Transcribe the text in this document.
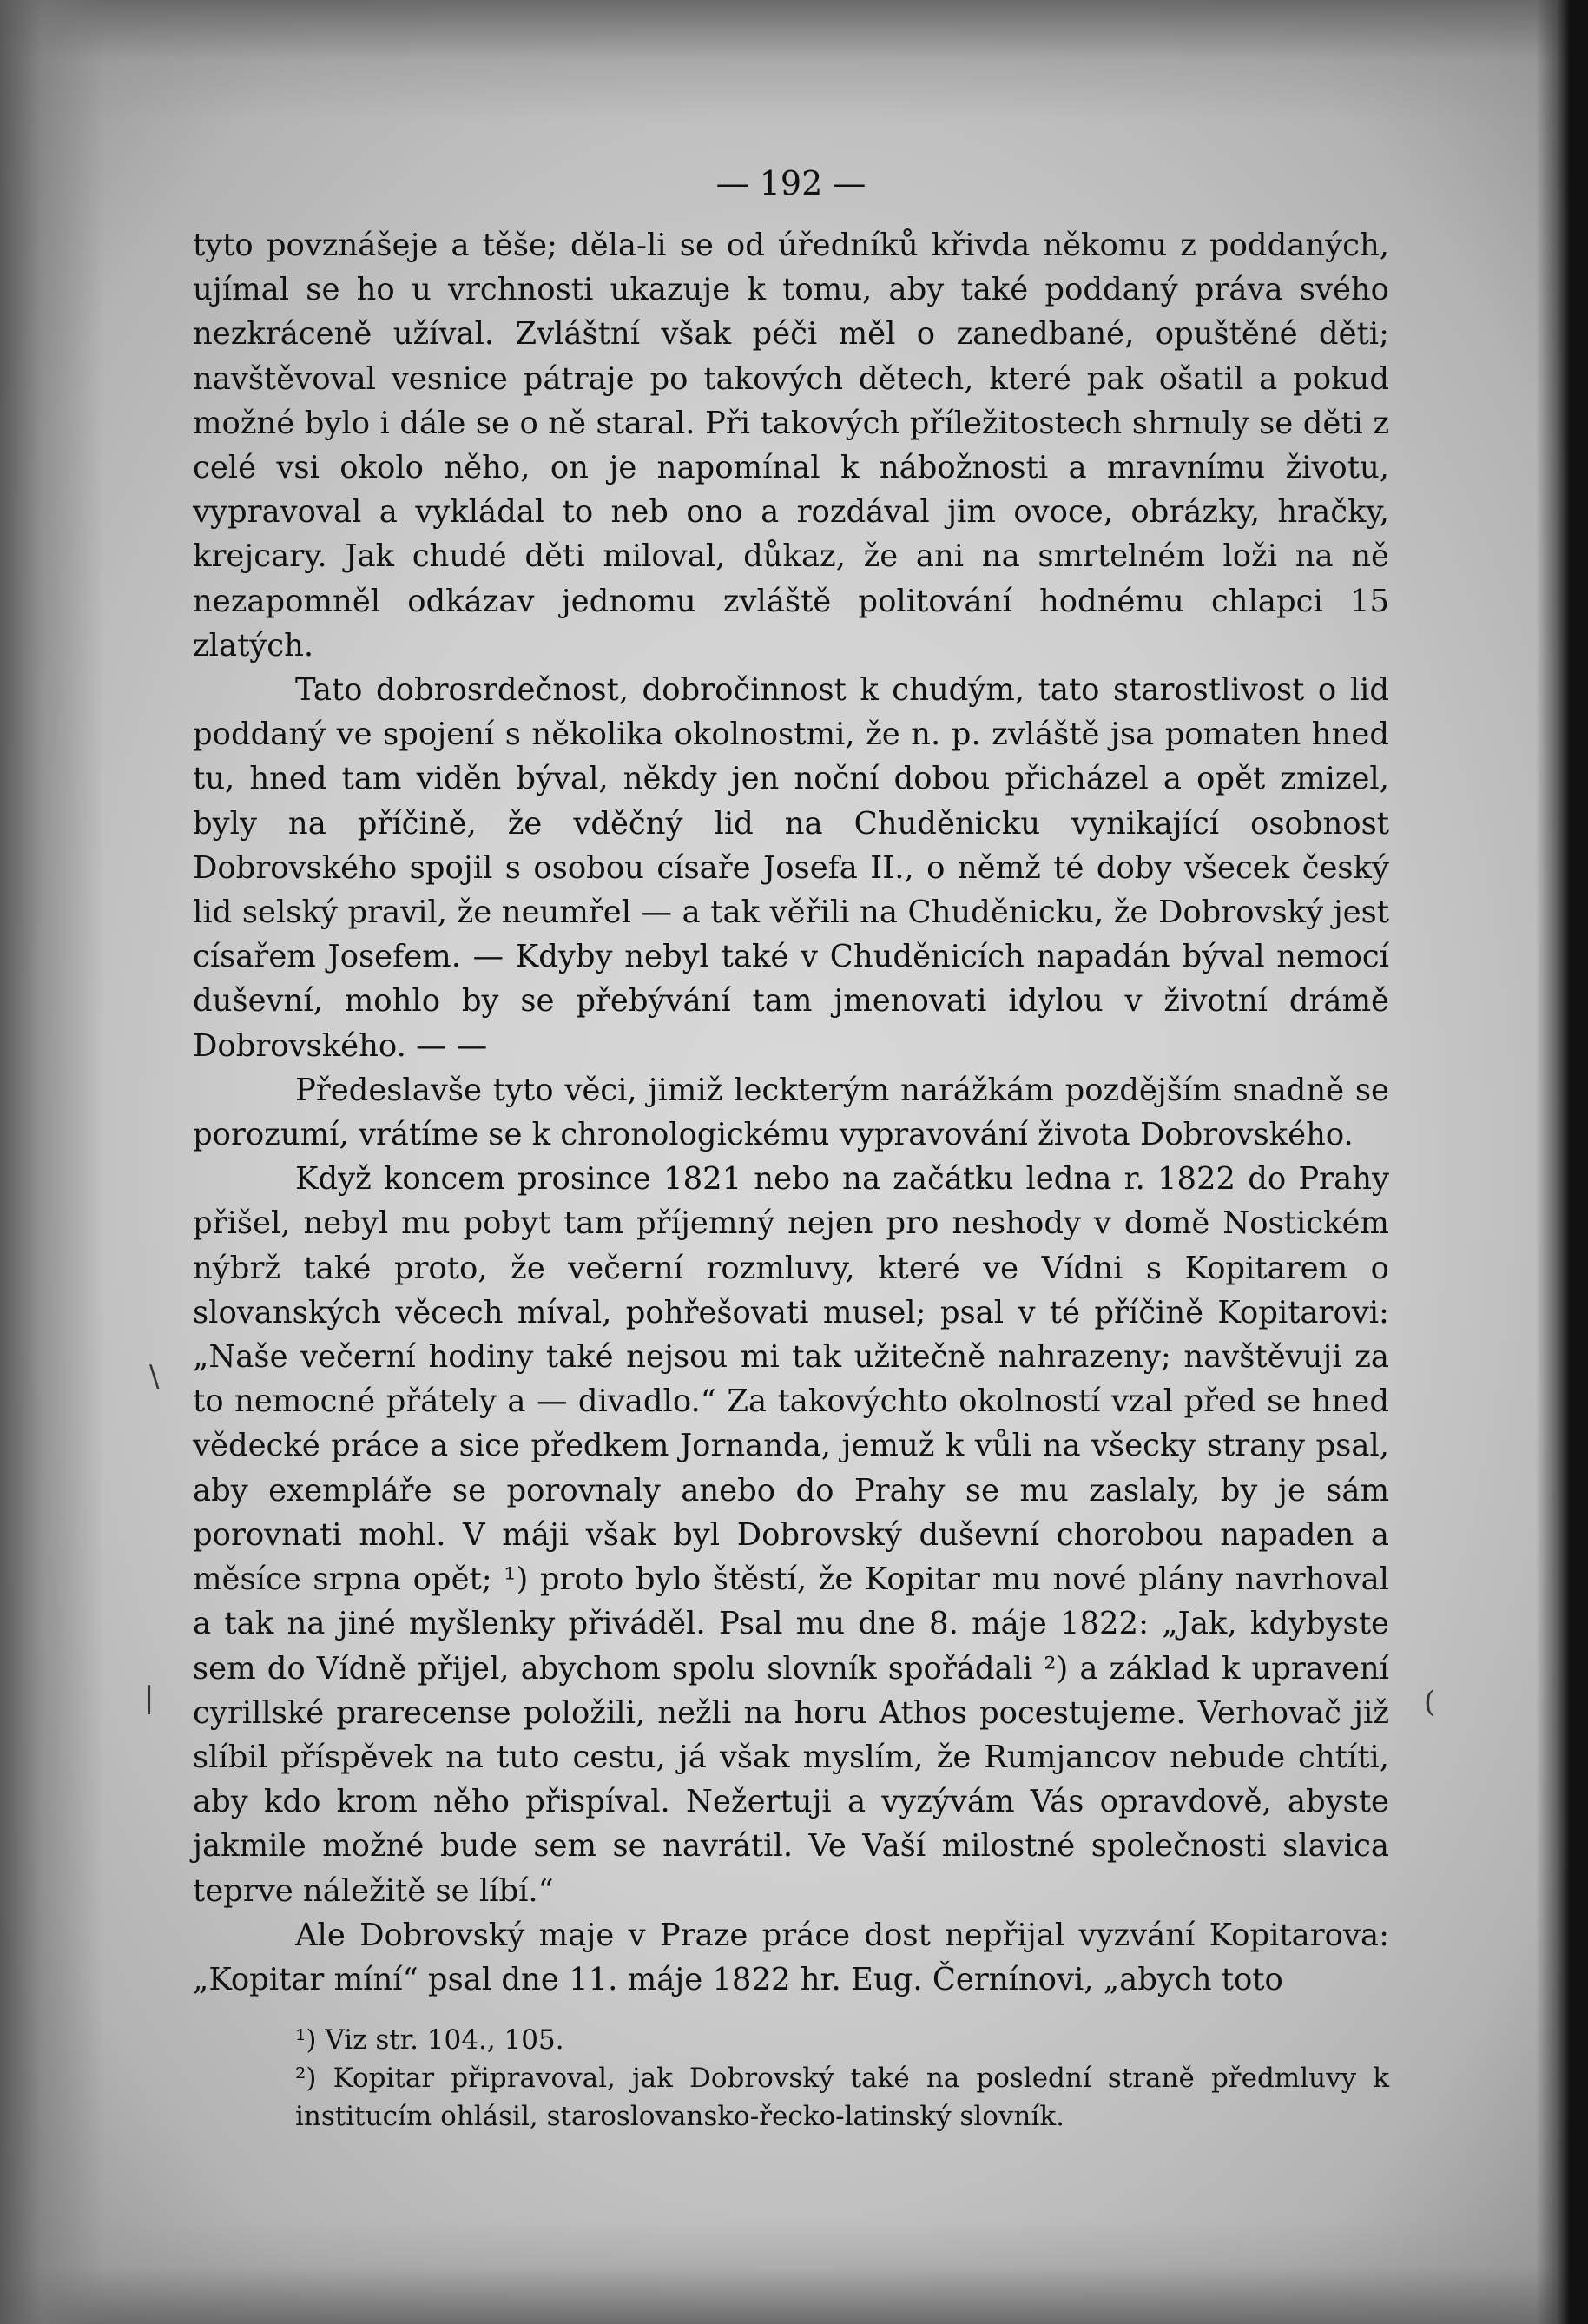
— 192 —

tyto povznášeje a těše; děla-li se od úředníků křivda někomu z poddaných, ujímal se ho u vrchnosti ukazuje k tomu, aby také poddaný práva svého nezkráceně užíval. Zvláštní však péči měl o zanedbané, opuštěné děti; navštěvoval vesnice pátraje po takových dětech, které pak ošatil a pokud možné bylo i dále se o ně staral. Při takových příležitostech shrnuly se děti z celé vsi okolo něho, on je napomínal k nábožnosti a mravnímu životu, vypravoval a vykládal to neb ono a rozdával jim ovoce, obrázky, hračky, krejcary. Jak chudé děti miloval, důkaz, že ani na smrtelném loži na ně nezapomněl odkázav jednomu zvláště politování hodnému chlapci 15 zlatých.

Tato dobrosrdečnost, dobročinnost k chudým, tato starostlivost o lid poddaný ve spojení s několika okolnostmi, že n. p. zvláště jsa pomaten hned tu, hned tam viděn býval, někdy jen noční dobou přicházel a opět zmizel, byly na příčině, že vděčný lid na Chuděnicku vynikající osobnost Dobrovského spojil s osobou císaře Josefa II., o němž té doby všecek český lid selský pravil, že neumřel — a tak věřili na Chuděnicku, že Dobrovský jest císařem Josefem. — Kdyby nebyl také v Chuděnicích napadán býval nemocí duševní, mohlo by se přebývání tam jmenovati idylou v životní drámě Dobrovského. — —

Předeslavše tyto věci, jimiž leckterým narážkám pozdějším snadně se porozumí, vrátíme se k chronologickému vypravování života Dobrovského.

Když koncem prosince 1821 nebo na začátku ledna r. 1822 do Prahy přišel, nebyl mu pobyt tam příjemný nejen pro neshody v domě Nostickém nýbrž také proto, že večerní rozmluvy, které ve Vídni s Kopitarem o slovanských věcech míval, pohřešovati musel; psal v té příčině Kopitarovi: „Naše večerní hodiny také nejsou mi tak užitečně nahrazeny; navštěvuji za to nemocné přátely a — divadlo.“ Za takovýchto okolností vzal před se hned vědecké práce a sice předkem Jornanda, jemuž k vůli na všecky strany psal, aby exempláře se porovnaly anebo do Prahy se mu zaslaly, by je sám porovnati mohl. V máji však byl Dobrovský duševní chorobou napaden a měsíce srpna opět; ¹) proto bylo štěstí, že Kopitar mu nové plány navrhoval a tak na jiné myšlenky přiváděl. Psal mu dne 8. máje 1822: „Jak, kdybyste sem do Vídně přijel, abychom spolu slovník spořádali ²) a základ k upravení cyrillské prarecense položili, nežli na horu Athos pocestujeme. Verhovač již slíbil příspěvek na tuto cestu, já však myslím, že Rumjancov nebude chtíti, aby kdo krom něho přispíval. Nežertuji a vyzývám Vás opravdově, abyste jakmile možné bude sem se navrátil. Ve Vaší milostné společnosti slavica teprve náležitě se líbí.“

Ale Dobrovský maje v Praze práce dost nepřijal vyzvání Kopitarova: „Kopitar míní“ psal dne 11. máje 1822 hr. Eug. Černínovi, „abych toto

¹) Viz str. 104., 105.

²) Kopitar připravoval, jak Dobrovský také na poslední straně předmluvy k institucím ohlásil, staroslovansko-řecko-latinský slovník.

\
|	(
